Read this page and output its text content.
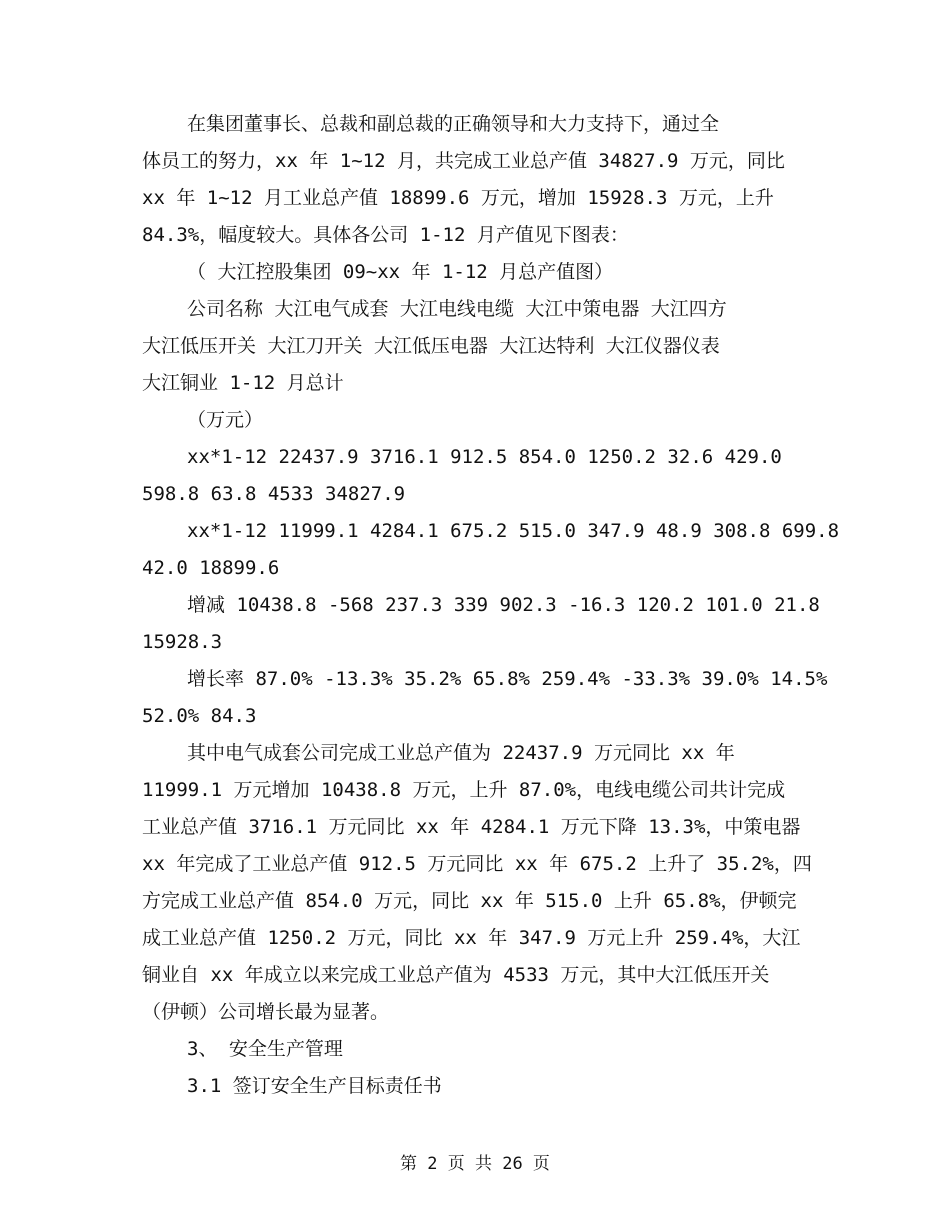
在集团董事长、总裁和副总裁的正确领导和大力支持下，通过全
体员工的努力，xx 年 1~12 月，共完成工业总产值 34827.9 万元，同比
xx 年 1~12 月工业总产值 18899.6 万元，增加 15928.3 万元，上升
84.3%，幅度较大。具体各公司 1-12 月产值见下图表：
（ 大江控股集团 09~xx 年 1-12 月总产值图）
公司名称 大江电气成套 大江电线电缆 大江中策电器 大江四方
大江低压开关 大江刀开关 大江低压电器 大江达特利 大江仪器仪表
大江铜业 1-12 月总计
（万元）
xx*1-12 22437.9 3716.1 912.5 854.0 1250.2 32.6 429.0
598.8 63.8 4533 34827.9
xx*1-12 11999.1 4284.1 675.2 515.0 347.9 48.9 308.8 699.8
42.0 18899.6
增减 10438.8 -568 237.3 339 902.3 -16.3 120.2 101.0 21.8
15928.3
增长率 87.0% -13.3% 35.2% 65.8% 259.4% -33.3% 39.0% 14.5%
52.0% 84.3
其中电气成套公司完成工业总产值为 22437.9 万元同比 xx 年
11999.1 万元增加 10438.8 万元，上升 87.0%，电线电缆公司共计完成
工业总产值 3716.1 万元同比 xx 年 4284.1 万元下降 13.3%，中策电器
xx 年完成了工业总产值 912.5 万元同比 xx 年 675.2 上升了 35.2%，四
方完成工业总产值 854.0 万元，同比 xx 年 515.0 上升 65.8%，伊顿完
成工业总产值 1250.2 万元，同比 xx 年 347.9 万元上升 259.4%，大江
铜业自 xx 年成立以来完成工业总产值为 4533 万元，其中大江低压开关
（伊顿）公司增长最为显著。
3、 安全生产管理
3.1 签订安全生产目标责任书
第 2 页 共 26 页
